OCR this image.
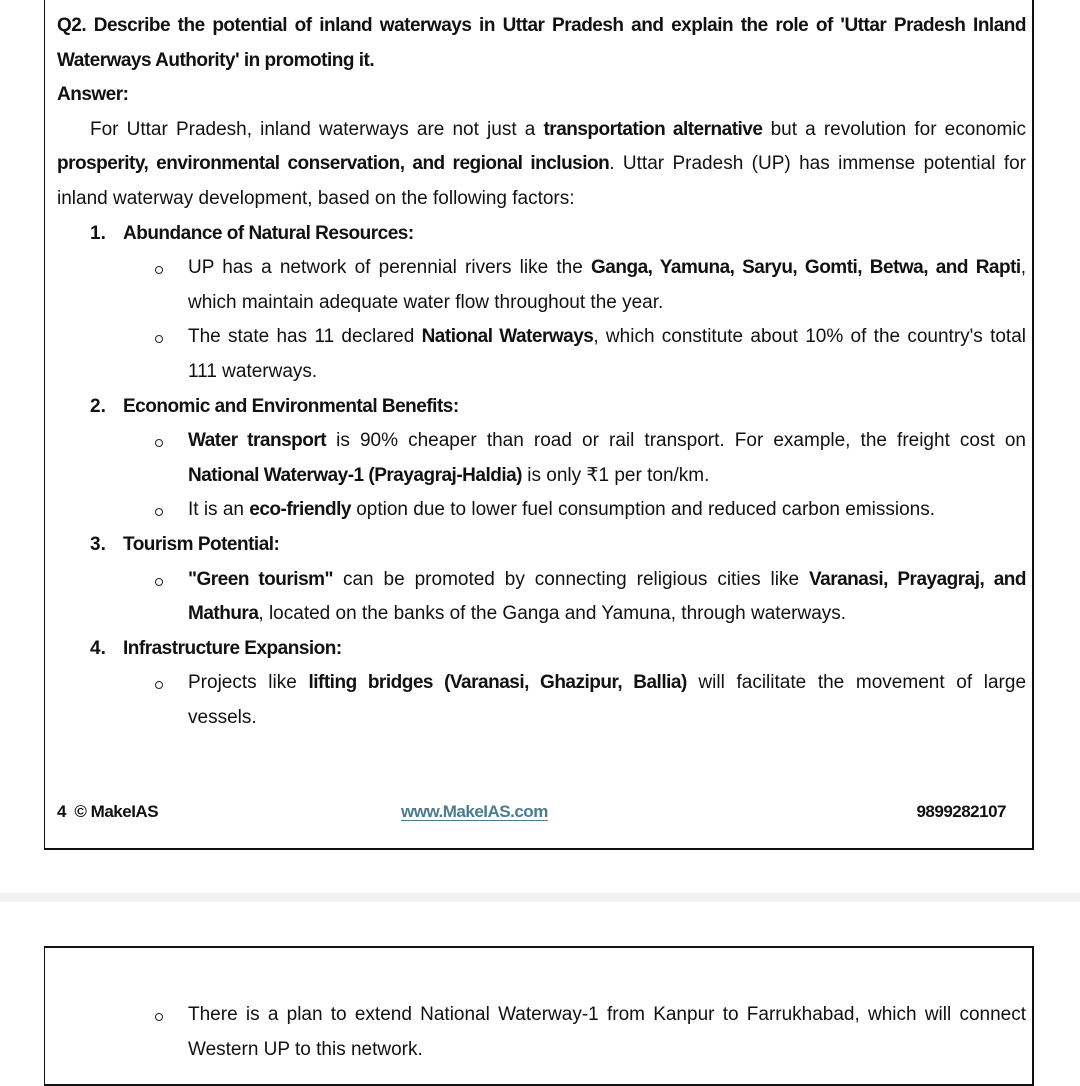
Q2. Describe the potential of inland waterways in Uttar Pradesh and explain the role of 'Uttar Pradesh Inland
Waterways Authority' in promoting it.
Answer:
For Uttar Pradesh, inland waterways are not just a transportation alternative but a revolution for economic
prosperity, environmental conservation, and regional inclusion. Uttar Pradesh (UP) has immense potential for
inland waterway development, based on the following factors:
1. Abundance of Natural Resources:
UP has a network of perennial rivers like the Ganga, Yamuna, Saryu, Gomti, Betwa, and Rapti,
which maintain adequate water flow throughout the year.
The state has 11 declared National Waterways, which constitute about 10% of the country's total
111 waterways.
2. Economic and Environmental Benefits:
Water transport is 90% cheaper than road or rail transport. For example, the freight cost on
National Waterway-1 (Prayagraj-Haldia) is only ₹1 per ton/km.
It is an eco-friendly option due to lower fuel consumption and reduced carbon emissions.
3. Tourism Potential:
"Green tourism" can be promoted by connecting religious cities like Varanasi, Prayagraj, and
Mathura, located on the banks of the Ganga and Yamuna, through waterways.
4. Infrastructure Expansion:
Projects like lifting bridges (Varanasi, Ghazipur, Ballia) will facilitate the movement of large
vessels.
4 © MakeIAS	www.MakeIAS.com	9899282107
There is a plan to extend National Waterway-1 from Kanpur to Farrukhabad, which will connect
Western UP to this network.
